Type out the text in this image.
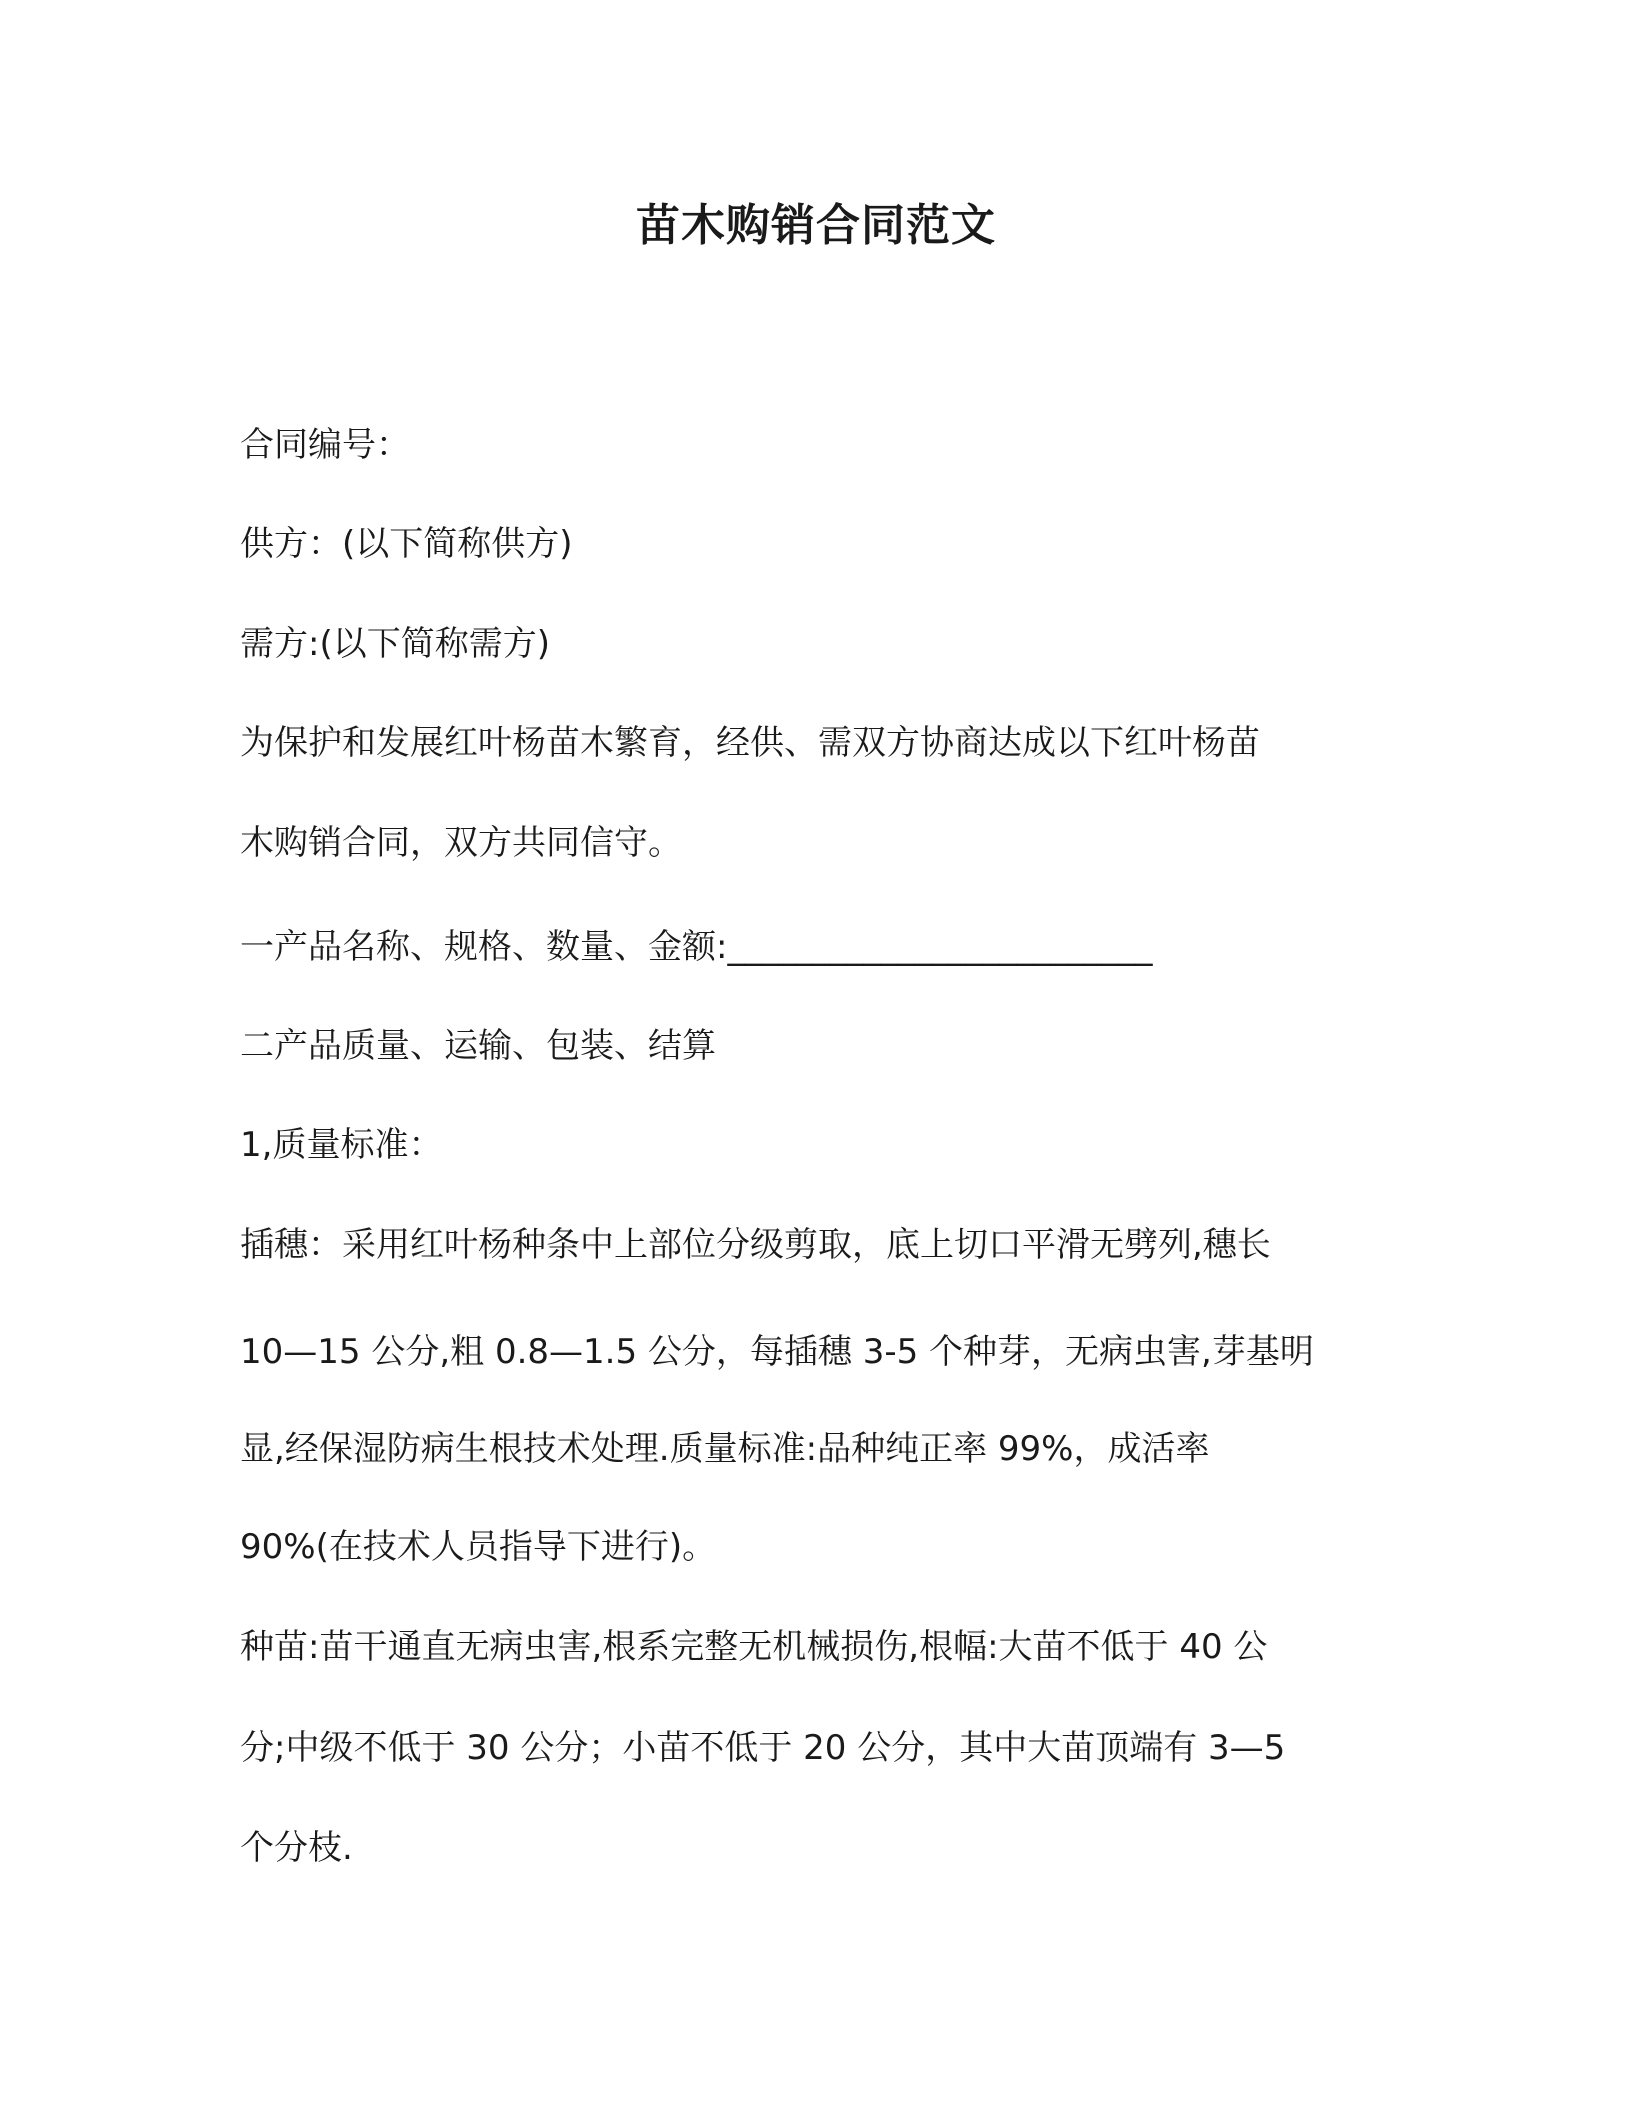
苗木购销合同范文
合同编号：
供方：(以下简称供方)
需方:(以下简称需方)
为保护和发展红叶杨苗木繁育，经供、需双方协商达成以下红叶杨苗
木购销合同，双方共同信守。
一产品名称、规格、数量、金额:_________________________
二产品质量、运输、包装、结算
1,质量标准：
插穗：采用红叶杨种条中上部位分级剪取，底上切口平滑无劈列,穗长
10—15 公分,粗 0.8—1.5 公分，每插穗 3-5 个种芽，无病虫害,芽基明
显,经保湿防病生根技术处理.质量标准:品种纯正率 99%，成活率
90%(在技术人员指导下进行)。
种苗:苗干通直无病虫害,根系完整无机械损伤,根幅:大苗不低于 40 公
分;中级不低于 30 公分；小苗不低于 20 公分，其中大苗顶端有 3—5
个分枝.
